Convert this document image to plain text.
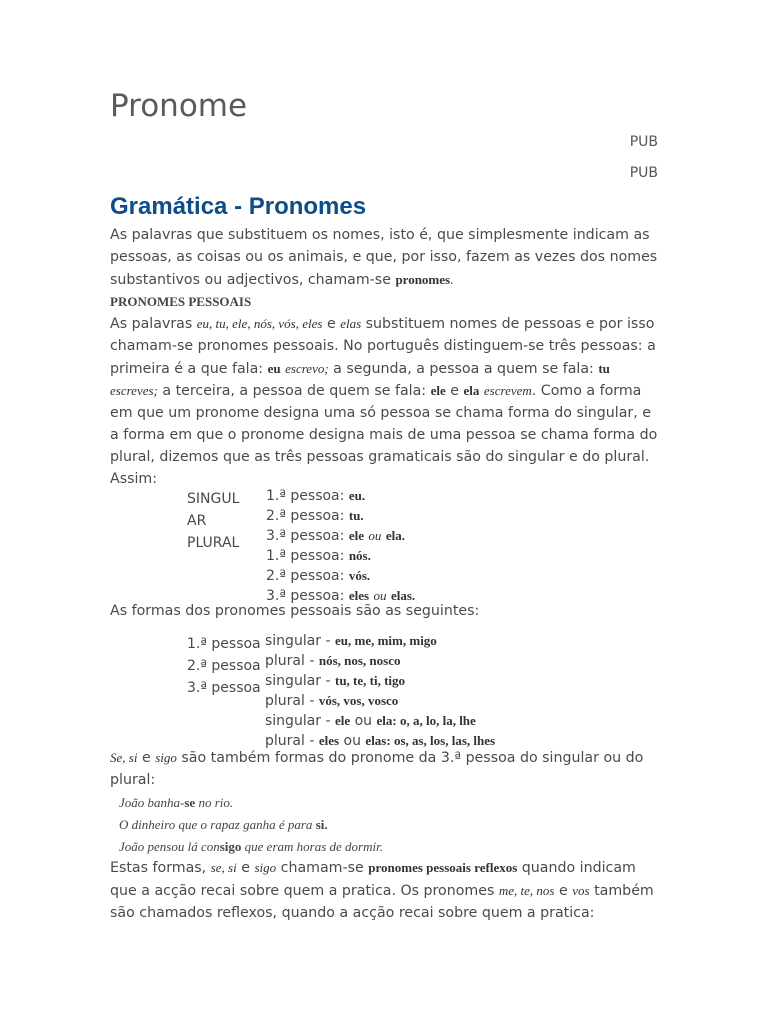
Pronome
PUB
PUB
Gramática - Pronomes

As palavras que substituem os nomes, isto é, que simplesmente indicam as pessoas, as coisas ou os animais, e que, por isso, fazem as vezes dos nomes substantivos ou adjectivos, chamam-se pronomes.

PRONOMES PESSOAIS

As palavras eu, tu, ele, nós, vós, eles e elas substituem nomes de pessoas e por isso chamam-se pronomes pessoais. No português distinguem-se três pessoas: a primeira é a que fala: eu escrevo; a segunda, a pessoa a quem se fala: tu escreves; a terceira, a pessoa de quem se fala: ele e ela escrevem. Como a forma em que um pronome designa uma só pessoa se chama forma do singular, e a forma em que o pronome designa mais de uma pessoa se chama forma do plural, dizemos que as três pessoas gramaticais são do singular e do plural. Assim:

SINGULAR
PLURAL
1.ª pessoa: eu.
2.ª pessoa: tu.
3.ª pessoa: ele ou ela.
1.ª pessoa: nós.
2.ª pessoa: vós.
3.ª pessoa: eles ou elas.

As formas dos pronomes pessoais são as seguintes:

1.ª pessoa
2.ª pessoa
3.ª pessoa
singular - eu, me, mim, migo
plural - nós, nos, nosco
singular - tu, te, ti, tigo
plural - vós, vos, vosco
singular - ele ou ela: o, a, lo, la, lhe
plural - eles ou elas: os, as, los, las, lhes

Se, si e sigo são também formas do pronome da 3.ª pessoa do singular ou do plural:

João banha-se no rio.
O dinheiro que o rapaz ganha é para si.
João pensou lá consigo que eram horas de dormir.

Estas formas, se, si e sigo chamam-se pronomes pessoais reflexos quando indicam que a acção recai sobre quem a pratica. Os pronomes me, te, nos e vos também são chamados reflexos, quando a acção recai sobre quem a pratica:
